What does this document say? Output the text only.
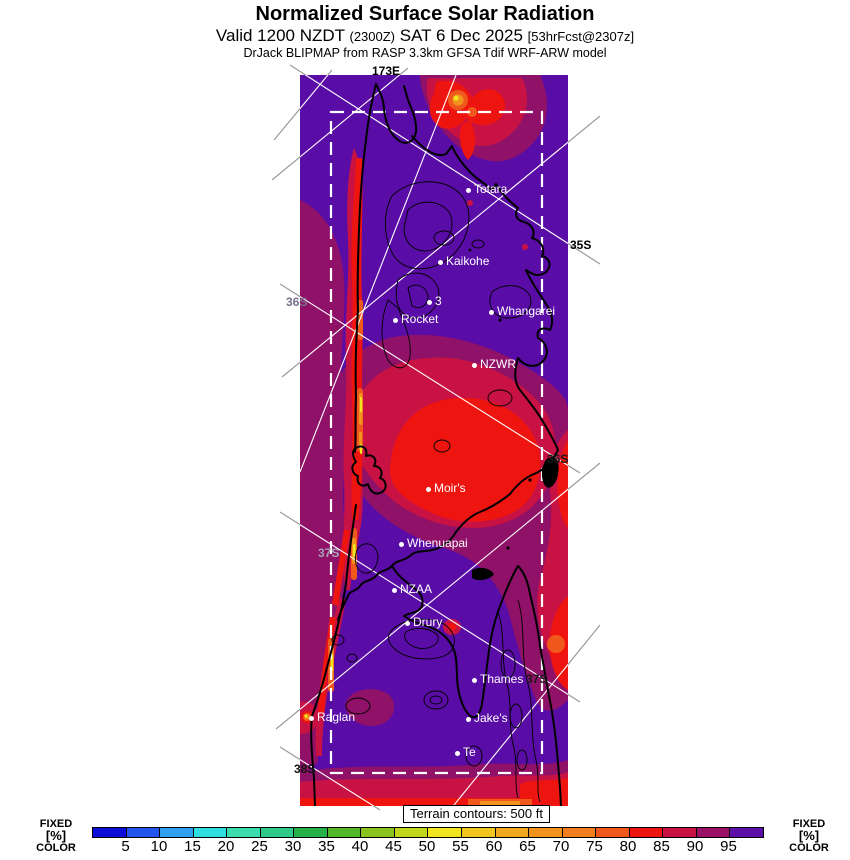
Normalized Surface Solar Radiation
Valid 1200 NZDT (2300Z) SAT 6 Dec 2025 [53hrFcst@2307z]
DrJack BLIPMAP from RASP 3.3km GFSA Tdif WRF-ARW model
Totara
Kaikohe
3
Rocket
Whangarei
NZWR
Moir's
Whenuapai
NZAA
Drury
Thames
Raglan	Jake's
Te
173E
35S
36S
36S
37S
37S
38S
Terrain contours: 500 ft
FIXED
[%]
COLOR	5 10 15 20 25 30 35 40 45 50 55 60 65 70 75 80 85 90 95
FIXED
[%]
COLOR
